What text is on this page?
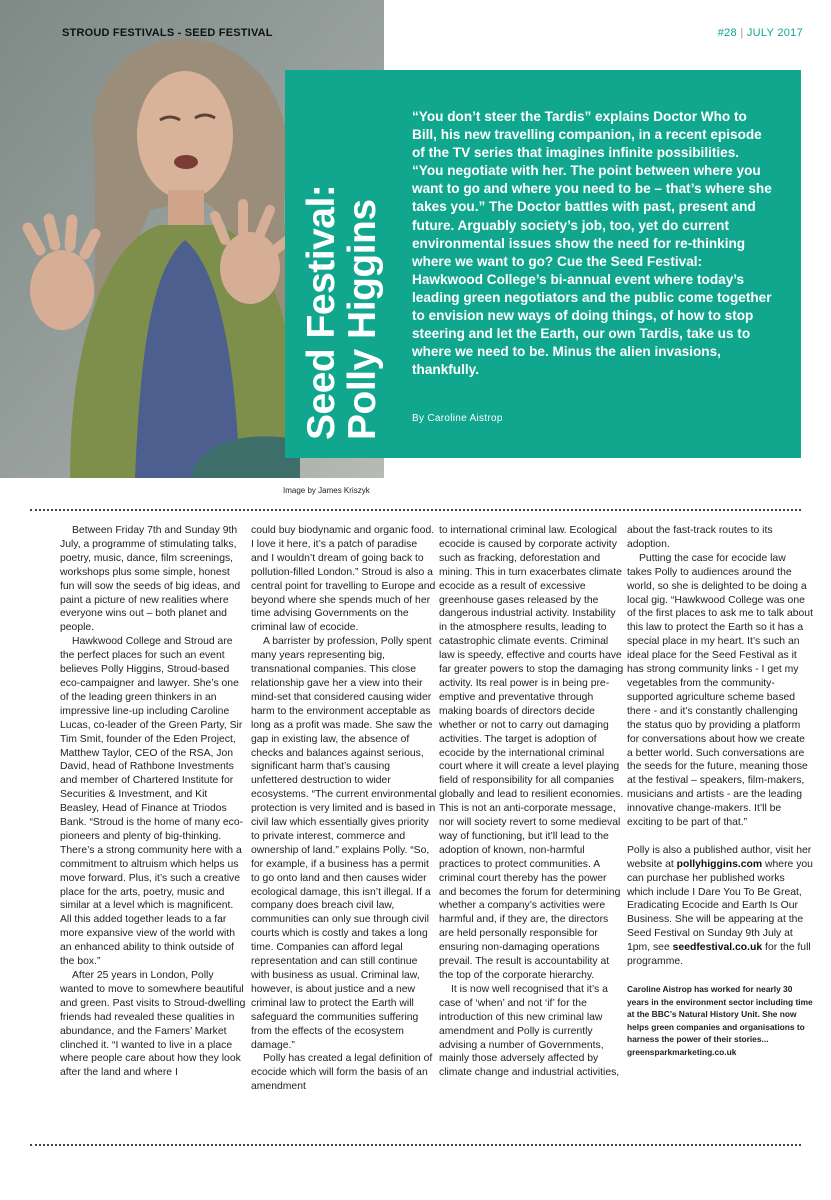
STROUD FESTIVALS - SEED FESTIVAL	#28 | JULY 2017
Image by James Kriszyk
Seed Festival:
Polly Higgins
“You don’t steer the Tardis” explains Doctor Who to Bill, his new travelling companion, in a recent episode of the TV series that imagines infinite possibilities. “You negotiate with her. The point between where you want to go and where you need to be – that’s where she takes you.” The Doctor battles with past, present and future. Arguably society’s job, too, yet do current environmental issues show the need for re-thinking where we want to go? Cue the Seed Festival: Hawkwood College’s bi-annual event where today’s leading green negotiators and the public come together to envision new ways of doing things, of how to stop steering and let the Earth, our own Tardis, take us to where we need to be. Minus the alien invasions, thankfully.
By Caroline Aistrop

Between Friday 7th and Sunday 9th July, a programme of stimulating talks, poetry, music, dance, film screenings, workshops plus some simple, honest fun will sow the seeds of big ideas, and paint a picture of new realities where everyone wins out – both planet and people.

Hawkwood College and Stroud are the perfect places for such an event believes Polly Higgins, Stroud-based eco-campaigner and lawyer. She’s one of the leading green thinkers in an impressive line-up including Caroline Lucas, co-leader of the Green Party, Sir Tim Smit, founder of the Eden Project, Matthew Taylor, CEO of the RSA, Jon David, head of Rathbone Investments and member of Chartered Institute for Securities & Investment, and Kit Beasley, Head of Finance at Triodos Bank. “Stroud is the home of many eco-pioneers and plenty of big-thinking. There’s a strong community here with a commitment to altruism which helps us move forward. Plus, it’s such a creative place for the arts, poetry, music and similar at a level which is magnificent. All this added together leads to a far more expansive view of the world with an enhanced ability to think outside of the box.”

After 25 years in London, Polly wanted to move to somewhere beautiful and green. Past visits to Stroud-dwelling friends had revealed these qualities in abundance, and the Famers’ Market clinched it. “I wanted to live in a place where people care about how they look after the land and where I

could buy biodynamic and organic food. I love it here, it’s a patch of paradise and I wouldn’t dream of going back to pollution-filled London.” Stroud is also a central point for travelling to Europe and beyond where she spends much of her time advising Governments on the criminal law of ecocide.

A barrister by profession, Polly spent many years representing big, transnational companies. This close relationship gave her a view into their mind-set that considered causing wider harm to the environment acceptable as long as a profit was made. She saw the gap in existing law, the absence of checks and balances against serious, significant harm that’s causing unfettered destruction to wider ecosystems. “The current environmental protection is very limited and is based in civil law which essentially gives priority to private interest, commerce and ownership of land.” explains Polly. “So, for example, if a business has a permit to go onto land and then causes wider ecological damage, this isn’t illegal. If a company does breach civil law, communities can only sue through civil courts which is costly and takes a long time. Companies can afford legal representation and can still continue with business as usual. Criminal law, however, is about justice and a new criminal law to protect the Earth will safeguard the communities suffering from the effects of the ecosystem damage.”

Polly has created a legal definition of ecocide which will form the basis of an amendment

to international criminal law. Ecological ecocide is caused by corporate activity such as fracking, deforestation and mining. This in turn exacerbates climate ecocide as a result of excessive greenhouse gases released by the dangerous industrial activity. Instability in the atmosphere results, leading to catastrophic climate events. Criminal law is speedy, effective and courts have far greater powers to stop the damaging activity. Its real power is in being pre-emptive and preventative through making boards of directors decide whether or not to carry out damaging activities. The target is adoption of ecocide by the international criminal court where it will create a level playing field of responsibility for all companies globally and lead to resilient economies. This is not an anti-corporate message, nor will society revert to some medieval way of functioning, but it’ll lead to the adoption of known, non-harmful practices to protect communities. A criminal court thereby has the power and becomes the forum for determining whether a company’s activities were harmful and, if they are, the directors are held personally responsible for ensuring non-damaging operations prevail. The result is accountability at the top of the corporate hierarchy.

It is now well recognised that it’s a case of ‘when’ and not ‘if’ for the introduction of this new criminal law amendment and Polly is currently advising a number of Governments, mainly those adversely affected by climate change and industrial activities,

about the fast-track routes to its adoption.

Putting the case for ecocide law takes Polly to audiences around the world, so she is delighted to be doing a local gig. “Hawkwood College was one of the first places to ask me to talk about this law to protect the Earth so it has a special place in my heart. It’s such an ideal place for the Seed Festival as it has strong community links - I get my vegetables from the community-supported agriculture scheme based there - and it’s constantly challenging the status quo by providing a platform for conversations about how we create a better world. Such conversations are the seeds for the future, meaning those at the festival – speakers, film-makers, musicians and artists - are the leading innovative change-makers. It’ll be exciting to be part of that.”

Polly is also a published author, visit her website at pollyhiggins.com where you can purchase her published works which include I Dare You To Be Great, Eradicating Ecocide and Earth Is Our Business. She will be appearing at the Seed Festival on Sunday 9th July at 1pm, see seedfestival.co.uk for the full programme.

Caroline Aistrop has worked for nearly 30 years in the environment sector including time at the BBC’s Natural History Unit. She now helps green companies and organisations to harness the power of their stories... greensparkmarketing.co.uk
